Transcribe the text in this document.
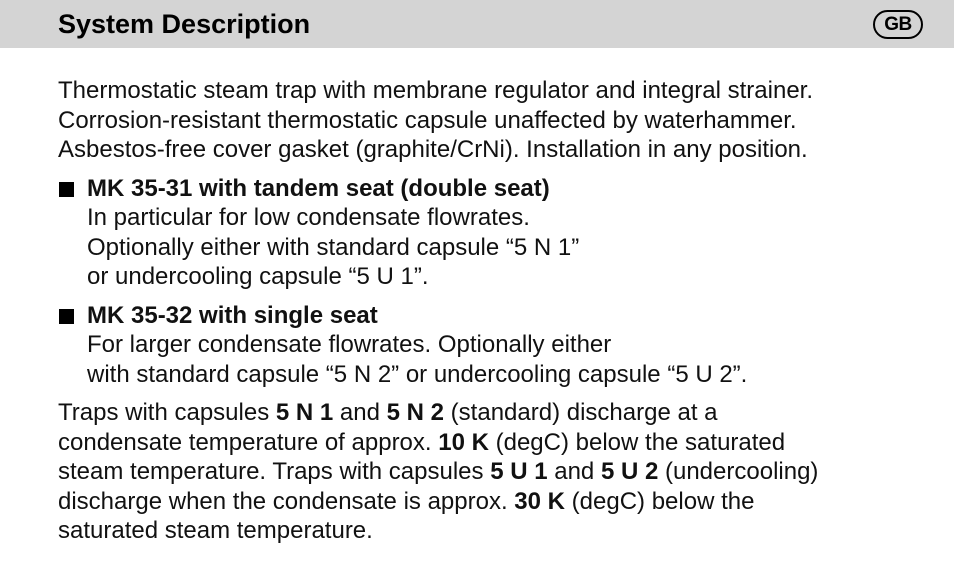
System Description	GB

Thermostatic steam trap with membrane regulator and integral strainer.
Corrosion-resistant thermostatic capsule unaffected by waterhammer.
Asbestos-free cover gasket (graphite/CrNi). Installation in any position.

MK 35-31 with tandem seat (double seat)
In particular for low condensate flowrates.
Optionally either with standard capsule “5 N 1”
or undercooling capsule “5 U 1”.
MK 35-32 with single seat
For larger condensate flowrates. Optionally either
with standard capsule “5 N 2” or undercooling capsule “5 U 2”.

Traps with capsules 5 N 1 and 5 N 2 (standard) discharge at a
condensate temperature of approx. 10 K (degC) below the saturated
steam temperature. Traps with capsules 5 U 1 and 5 U 2 (undercooling)
discharge when the condensate is approx. 30 K (degC) below the
saturated steam temperature.
